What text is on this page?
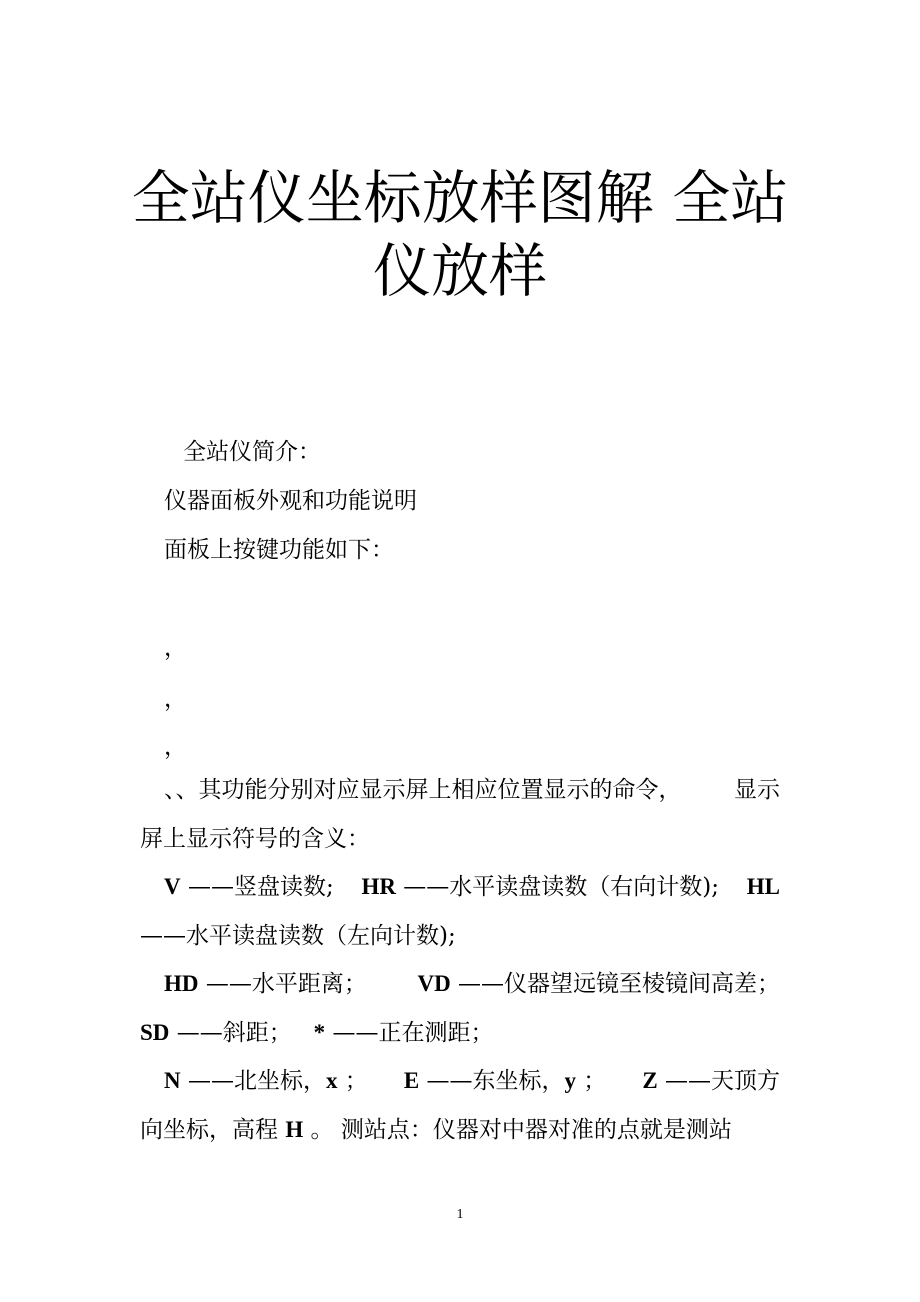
全站仪坐标放样图解 全站
仪放样

全站仪简介：

仪器面板外观和功能说明

面板上按键功能如下：

，

，

，

、、其功能分别对应显示屏上相应位置显示的命令， 显示

屏上显示符号的含义：

V ——竖盘读数; HR ——水平读盘读数（右向计数); HL

——水平读盘读数（左向计数);

HD ——水平距离； VD ——仪器望远镜至棱镜间高差；

SD ——斜距； * ——正在测距；

N ——北坐标，x ； E ——东坐标，y ； Z ——天顶方

向坐标，高程 H 。 测站点：仪器对中器对准的点就是测站

1
